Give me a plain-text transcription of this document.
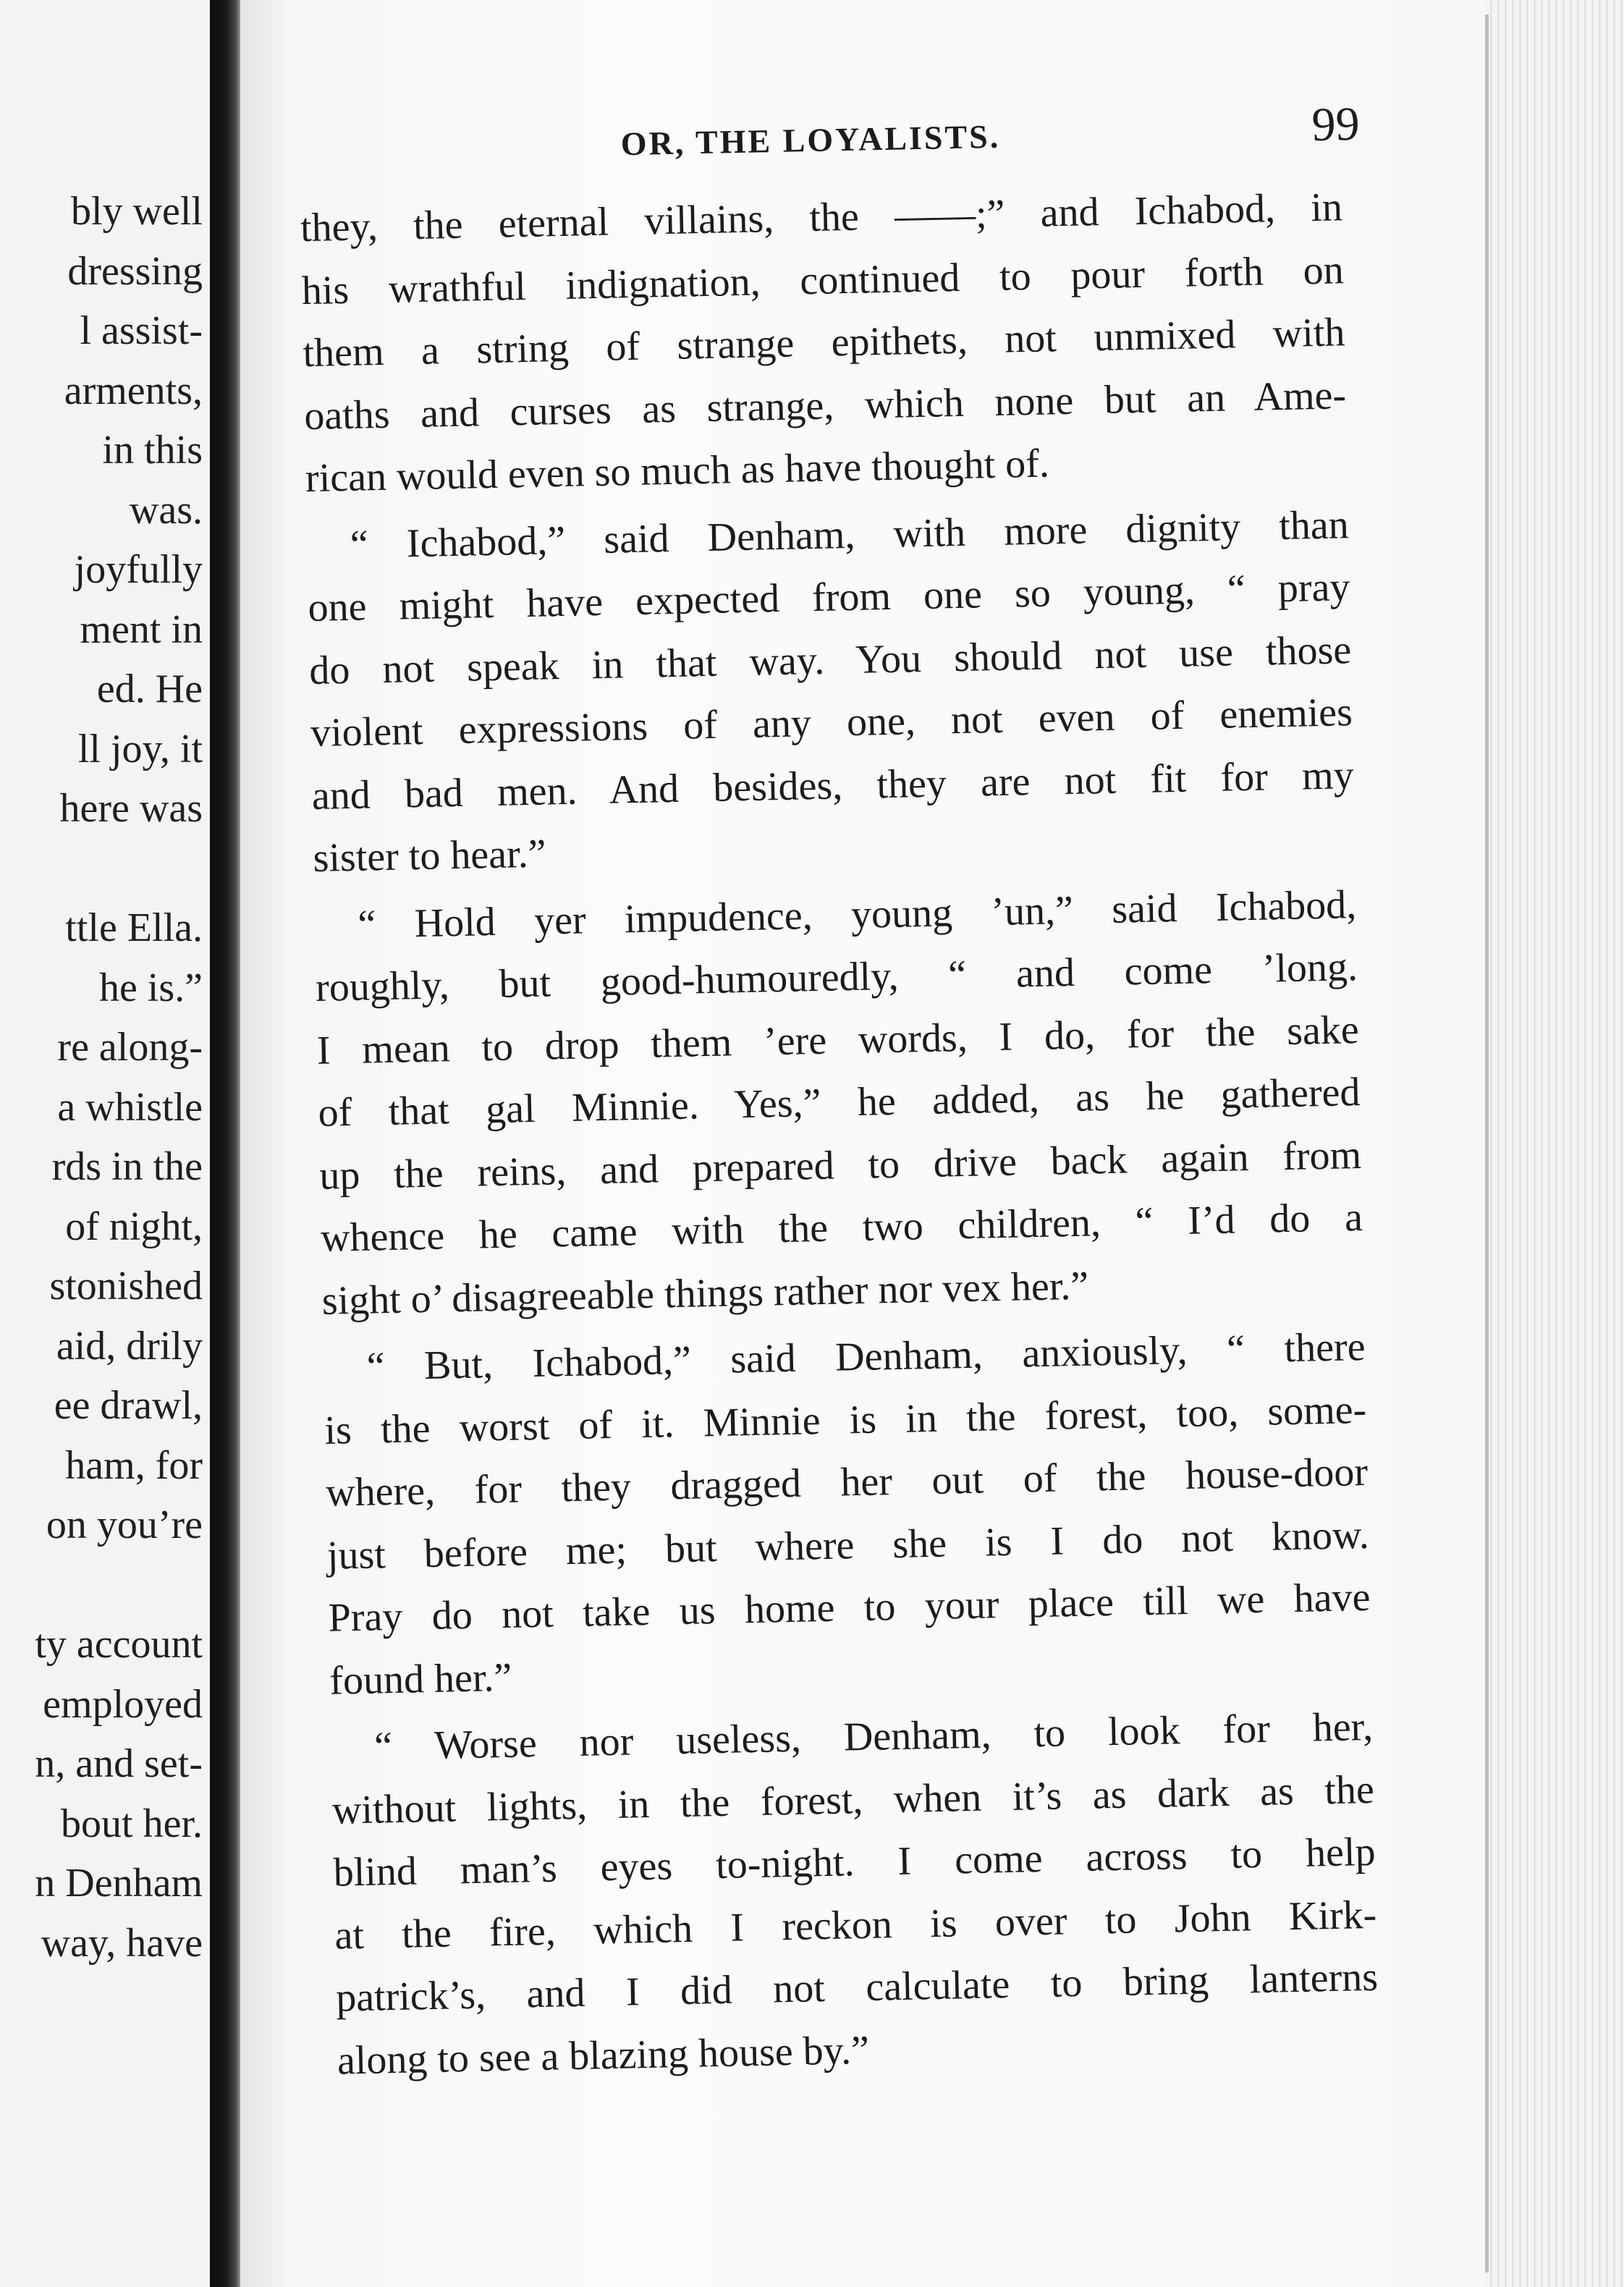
bly well
dressing
l assist-
arments,
in this
was.
joyfully
ment in
ed. He
ll joy, it
here was
ttle Ella.
he is.”
re along-
a whistle
rds in the
of night,
stonished
aid, drily
ee drawl,
ham, for
on you’re
ty account
employed
n, and set-
bout her.
n Denham
way, have
OR, THE LOYALISTS.	99
they, the eternal villains, the ——;” and Ichabod, in
his wrathful indignation, continued to pour forth on
them a string of strange epithets, not unmixed with
oaths and curses as strange, which none but an Ame-
rican would even so much as have thought of.
“ Ichabod,” said Denham, with more dignity than
one might have expected from one so young, “ pray
do not speak in that way. You should not use those
violent expressions of any one, not even of enemies
and bad men. And besides, they are not fit for my
sister to hear.”
“ Hold yer impudence, young ’un,” said Ichabod,
roughly, but good-humouredly, “ and come ’long.
I mean to drop them ’ere words, I do, for the sake
of that gal Minnie. Yes,” he added, as he gathered
up the reins, and prepared to drive back again from
whence he came with the two children, “ I’d do a
sight o’ disagreeable things rather nor vex her.”
“ But, Ichabod,” said Denham, anxiously, “ there
is the worst of it. Minnie is in the forest, too, some-
where, for they dragged her out of the house-door
just before me; but where she is I do not know.
Pray do not take us home to your place till we have
found her.”
“ Worse nor useless, Denham, to look for her,
without lights, in the forest, when it’s as dark as the
blind man’s eyes to-night. I come across to help
at the fire, which I reckon is over to John Kirk-
patrick’s, and I did not calculate to bring lanterns
along to see a blazing house by.”
